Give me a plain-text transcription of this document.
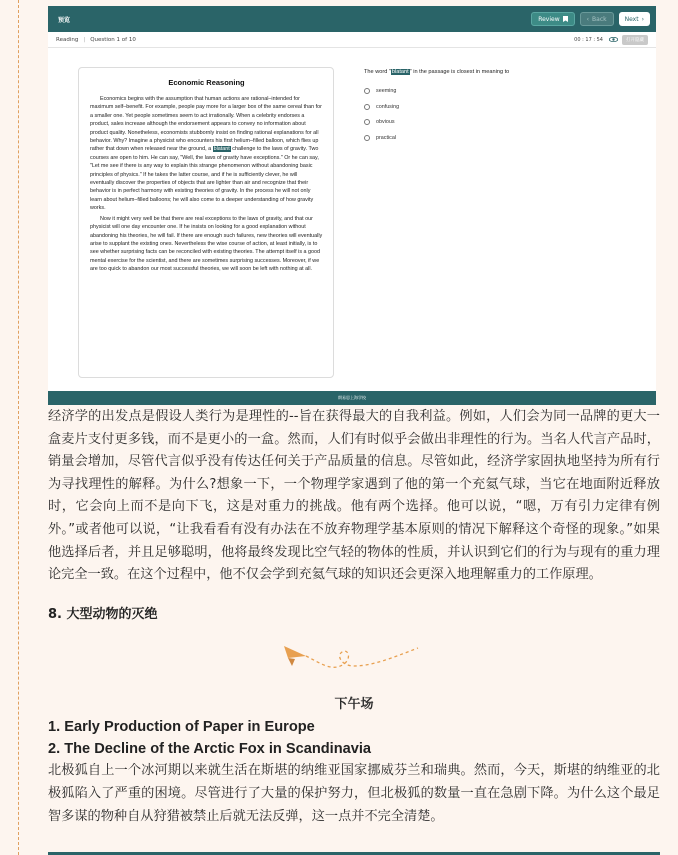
预览	Review	‹ Back	Next ›
Reading | Question 1 of 10	00 : 17 : 54	打开隐藏
Economic Reasoning

Economics begins with the assumption that human actions are rational–intended for maximum self–benefit. For example, people pay more for a larger box of the same cereal than for a smaller one. Yet people sometimes seem to act irrationally. When a celebrity endorses a product, sales increase although the endorsement appears to convey no information about product quality. Nonetheless, economists stubbornly insist on finding rational explanations for all behavior. Why? Imagine a physicist who encounters his first helium–filled balloon, which flies up rather that down when released near the ground, a blatant challenge to the laws of gravity. Two courses are open to him. He can say, "Well, the laws of gravity have exceptions." Or he can say, "Let me see if there is any way to explain this strange phenomenon without abandoning basic principles of physics." If he takes the latter course, and if he is sufficiently clever, he will eventually discover the properties of objects that are lighter than air and recognize that their behavior is in perfect harmony with existing theories of gravity. In the process he will not only learn about helium–filled balloons; he will also come to a deeper understanding of how gravity works.

Now it might very well be that there are real exceptions to the laws of gravity, and that our physicist will one day encounter one. If he insists on looking for a good explanation without abandoning his theories, he will fail. If there are enough such failures, new theories will eventually arise to supplant the existing ones. Nevertheless the wise course of action, at least initially, is to see whether surprising facts can be reconciled with existing theories. The attempt itself is a good mental exercise for the scientist, and there are sometimes surprising successes. Moreover, if we are too quick to abandon our most successful theories, we will soon be left with nothing at all.

The word "blatant" in the passage is closest in meaning to
seeming
confusing
obvious
practical
朗易思上海学校

经济学的出发点是假设人类行为是理性的--旨在获得最大的自我利益。例如，人们会为同一品牌的更大一盒麦片支付更多钱，而不是更小的一盒。然而，人们有时似乎会做出非理性的行为。当名人代言产品时，销量会增加，尽管代言似乎没有传达任何关于产品质量的信息。尽管如此，经济学家固执地坚持为所有行为寻找理性的解释。为什么?想象一下，一个物理学家遇到了他的第一个充氦气球，当它在地面附近释放时，它会向上而不是向下飞，这是对重力的挑战。他有两个选择。他可以说，“嗯，万有引力定律有例外。”或者他可以说，“让我看看有没有办法在不放弃物理学基本原则的情况下解释这个奇怪的现象。”如果他选择后者，并且足够聪明，他将最终发现比空气轻的物体的性质，并认识到它们的行为与现有的重力理论完全一致。在这个过程中，他不仅会学到充氦气球的知识还会更深入地理解重力的工作原理。

8. 大型动物的灭绝
下午场
1. Early Production of Paper in Europe
2. The Decline of the Arctic Fox in Scandinavia

北极狐自上一个冰河期以来就生活在斯堪的纳维亚国家挪威芬兰和瑞典。然而，今天，斯堪的纳维亚的北极狐陷入了严重的困境。尽管进行了大量的保护努力，但北极狐的数量一直在急剧下降。为什么这个最足智多谋的物种自从狩猎被禁止后就无法反弹，这一点并不完全清楚。
